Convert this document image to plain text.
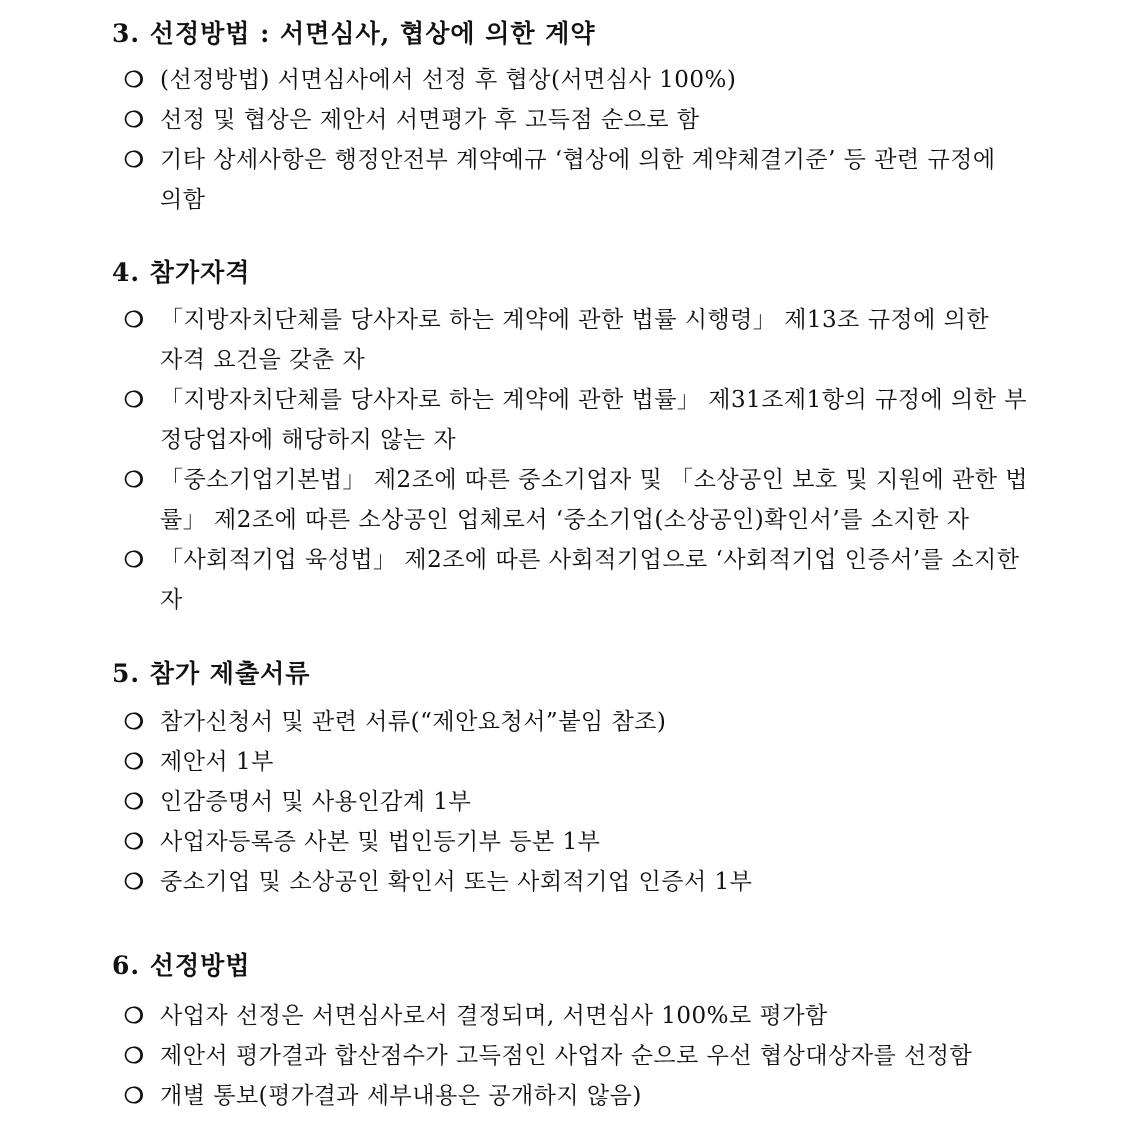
3. 선정방법 : 서면심사, 협상에 의한 계약
❍ (선정방법) 서면심사에서 선정 후 협상(서면심사 100%)
❍ 선정 및 협상은 제안서 서면평가 후 고득점 순으로 함
❍ 기타 상세사항은 행정안전부 계약예규 ‘협상에 의한 계약체결기준’ 등 관련 규정에
의함
4. 참가자격
❍ 「지방자치단체를 당사자로 하는 계약에 관한 법률 시행령」 제13조 규정에 의한
자격 요건을 갖춘 자
❍ 「지방자치단체를 당사자로 하는 계약에 관한 법률」 제31조제1항의 규정에 의한 부
정당업자에 해당하지 않는 자
❍ 「중소기업기본법」 제2조에 따른 중소기업자 및 「소상공인 보호 및 지원에 관한 법
률」 제2조에 따른 소상공인 업체로서 ‘중소기업(소상공인)확인서’를 소지한 자
❍ 「사회적기업 육성법」 제2조에 따른 사회적기업으로 ‘사회적기업 인증서’를 소지한
자
5. 참가 제출서류
❍ 참가신청서 및 관련 서류(“제안요청서”붙임 참조)
❍ 제안서 1부
❍ 인감증명서 및 사용인감계 1부
❍ 사업자등록증 사본 및 법인등기부 등본 1부
❍ 중소기업 및 소상공인 확인서 또는 사회적기업 인증서 1부
6. 선정방법
❍ 사업자 선정은 서면심사로서 결정되며, 서면심사 100%로 평가함
❍ 제안서 평가결과 합산점수가 고득점인 사업자 순으로 우선 협상대상자를 선정함
❍ 개별 통보(평가결과 세부내용은 공개하지 않음)
